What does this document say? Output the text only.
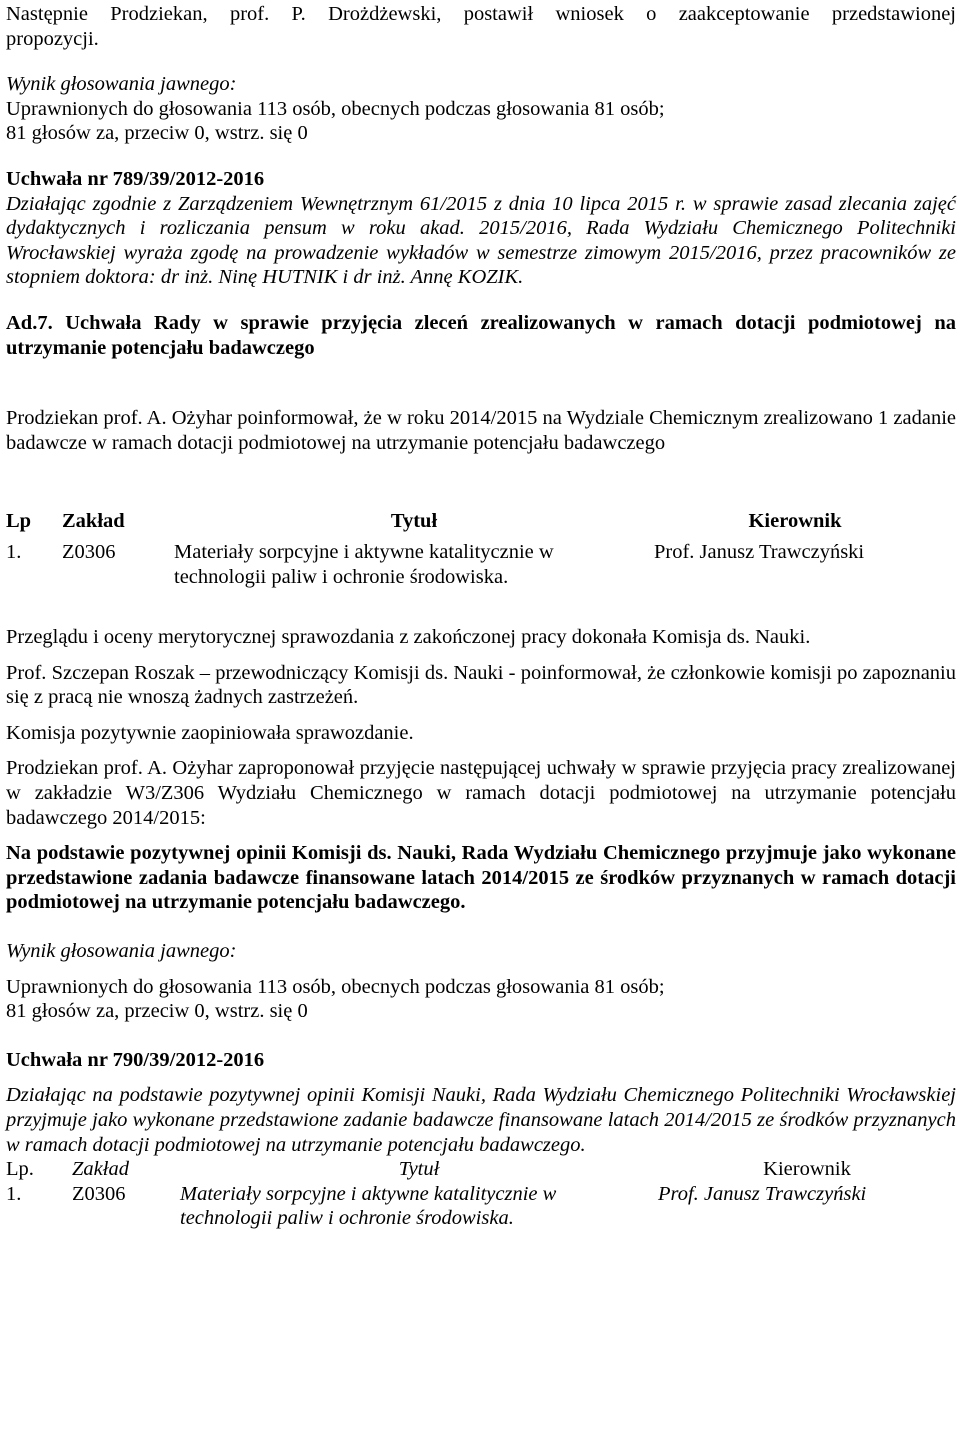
Następnie Prodziekan, prof. P. Drożdżewski, postawił wniosek o zaakceptowanie przedstawionej

propozycji.

Wynik głosowania jawnego:

Uprawnionych do głosowania 113 osób, obecnych podczas głosowania 81 osób;

81 głosów za, przeciw 0, wstrz. się 0

Uchwała nr 789/39/2012-2016

Działając zgodnie z Zarządzeniem Wewnętrznym 61/2015 z dnia 10 lipca 2015 r. w sprawie zasad zlecania zajęć dydaktycznych i rozliczania pensum w roku akad. 2015/2016, Rada Wydziału Chemicznego Politechniki Wrocławskiej wyraża zgodę na prowadzenie wykładów w semestrze zimowym 2015/2016, przez pracowników ze stopniem doktora: dr inż. Ninę HUTNIK i dr inż. Annę KOZIK.

Ad.7. Uchwała Rady w sprawie przyjęcia zleceń zrealizowanych w ramach dotacji podmiotowej na utrzymanie potencjału badawczego

Prodziekan prof. A. Ożyhar poinformował, że w roku 2014/2015 na Wydziale Chemicznym zrealizowano 1 zadanie badawcze w ramach dotacji podmiotowej na utrzymanie potencjału badawczego

Lp	Zakład	Tytuł	Kierownik
1.	Z0306	Materiały sorpcyjne i aktywne katalitycznie w technologii paliw i ochronie środowiska.	Prof. Janusz Trawczyński

Przeglądu i oceny merytorycznej sprawozdania z zakończonej pracy dokonała Komisja ds. Nauki.

Prof. Szczepan Roszak – przewodniczący Komisji ds. Nauki - poinformował, że członkowie komisji po zapoznaniu się z pracą nie wnoszą żadnych zastrzeżeń.

Komisja pozytywnie zaopiniowała sprawozdanie.

Prodziekan prof. A. Ożyhar zaproponował przyjęcie następującej uchwały w sprawie przyjęcia pracy zrealizowanej w zakładzie W3/Z306 Wydziału Chemicznego w ramach dotacji podmiotowej na utrzymanie potencjału badawczego 2014/2015:

Na podstawie pozytywnej opinii Komisji ds. Nauki, Rada Wydziału Chemicznego przyjmuje jako wykonane przedstawione zadania badawcze finansowane latach 2014/2015 ze środków przyznanych w ramach dotacji podmiotowej na utrzymanie potencjału badawczego.

Wynik głosowania jawnego:

Uprawnionych do głosowania 113 osób, obecnych podczas głosowania 81 osób;

81 głosów za, przeciw 0, wstrz. się 0

Uchwała nr 790/39/2012-2016

Działając na podstawie pozytywnej opinii Komisji Nauki, Rada Wydziału Chemicznego Politechniki Wrocławskiej przyjmuje jako wykonane przedstawione zadanie badawcze finansowane latach 2014/2015 ze środków przyznanych w ramach dotacji podmiotowej na utrzymanie potencjału badawczego.

Lp.	Zakład	Tytuł	Kierownik
1.	Z0306	Materiały sorpcyjne i aktywne katalitycznie w technologii paliw i ochronie środowiska.	Prof. Janusz Trawczyński
